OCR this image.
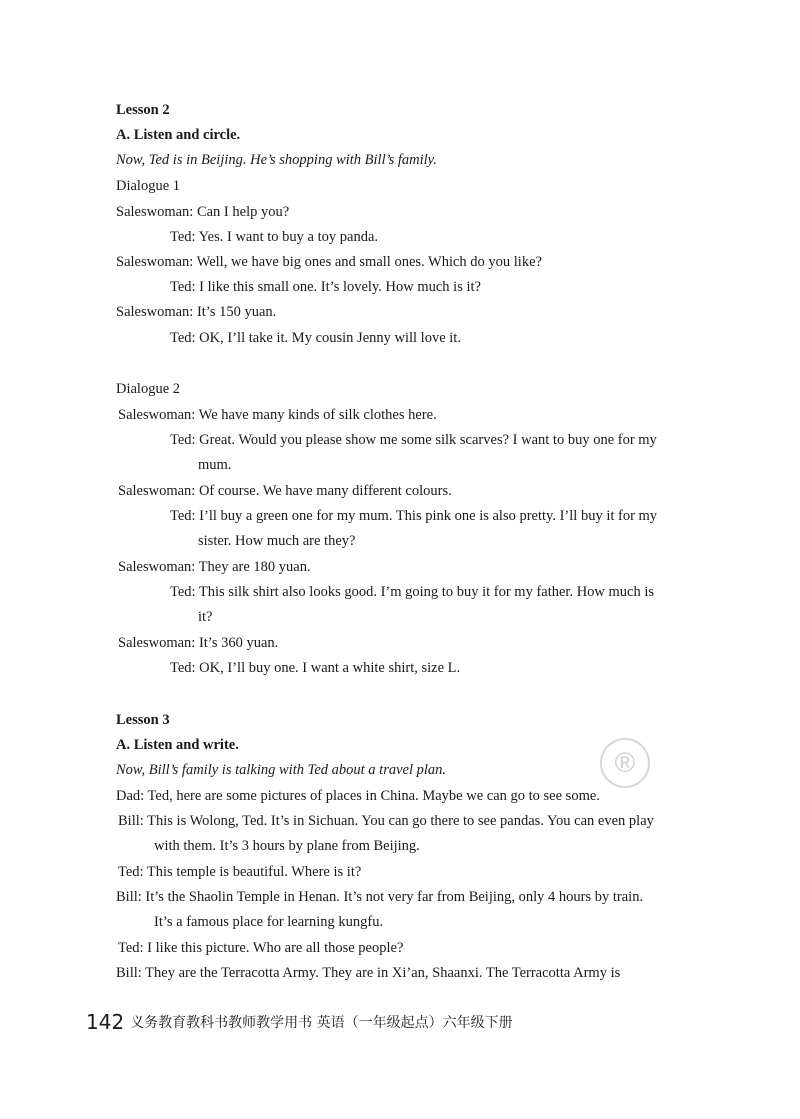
Lesson 2
A. Listen and circle.
Now, Ted is in Beijing. He’s shopping with Bill’s family.
Dialogue 1
Saleswoman: Can I help you?
Ted: Yes. I want to buy a toy panda.
Saleswoman: Well, we have big ones and small ones. Which do you like?
Ted: I like this small one. It’s lovely. How much is it?
Saleswoman: It’s 150 yuan.
Ted: OK, I’ll take it. My cousin Jenny will love it.
Dialogue 2
Saleswoman: We have many kinds of silk clothes here.
Ted: Great. Would you please show me some silk scarves? I want to buy one for my
mum.
Saleswoman: Of course. We have many different colours.
Ted: I’ll buy a green one for my mum. This pink one is also pretty. I’ll buy it for my
sister. How much are they?
Saleswoman: They are 180 yuan.
Ted: This silk shirt also looks good. I’m going to buy it for my father. How much is
it?
Saleswoman: It’s 360 yuan.
Ted: OK, I’ll buy one. I want a white shirt, size L.
Lesson 3
A. Listen and write.
Now, Bill’s family is talking with Ted about a travel plan.
Dad: Ted, here are some pictures of places in China. Maybe we can go to see some.
Bill: This is Wolong, Ted. It’s in Sichuan. You can go there to see pandas. You can even play
with them. It’s 3 hours by plane from Beijing.
Ted: This temple is beautiful. Where is it?
Bill: It’s the Shaolin Temple in Henan. It’s not very far from Beijing, only 4 hours by train.
It’s a famous place for learning kungfu.
Ted: I like this picture. Who are all those people?
Bill: They are the Terracotta Army. They are in Xi’an, Shaanxi. The Terracotta Army is
®
142 义务教育教科书教师教学用书 英语（一年级起点）六年级下册
